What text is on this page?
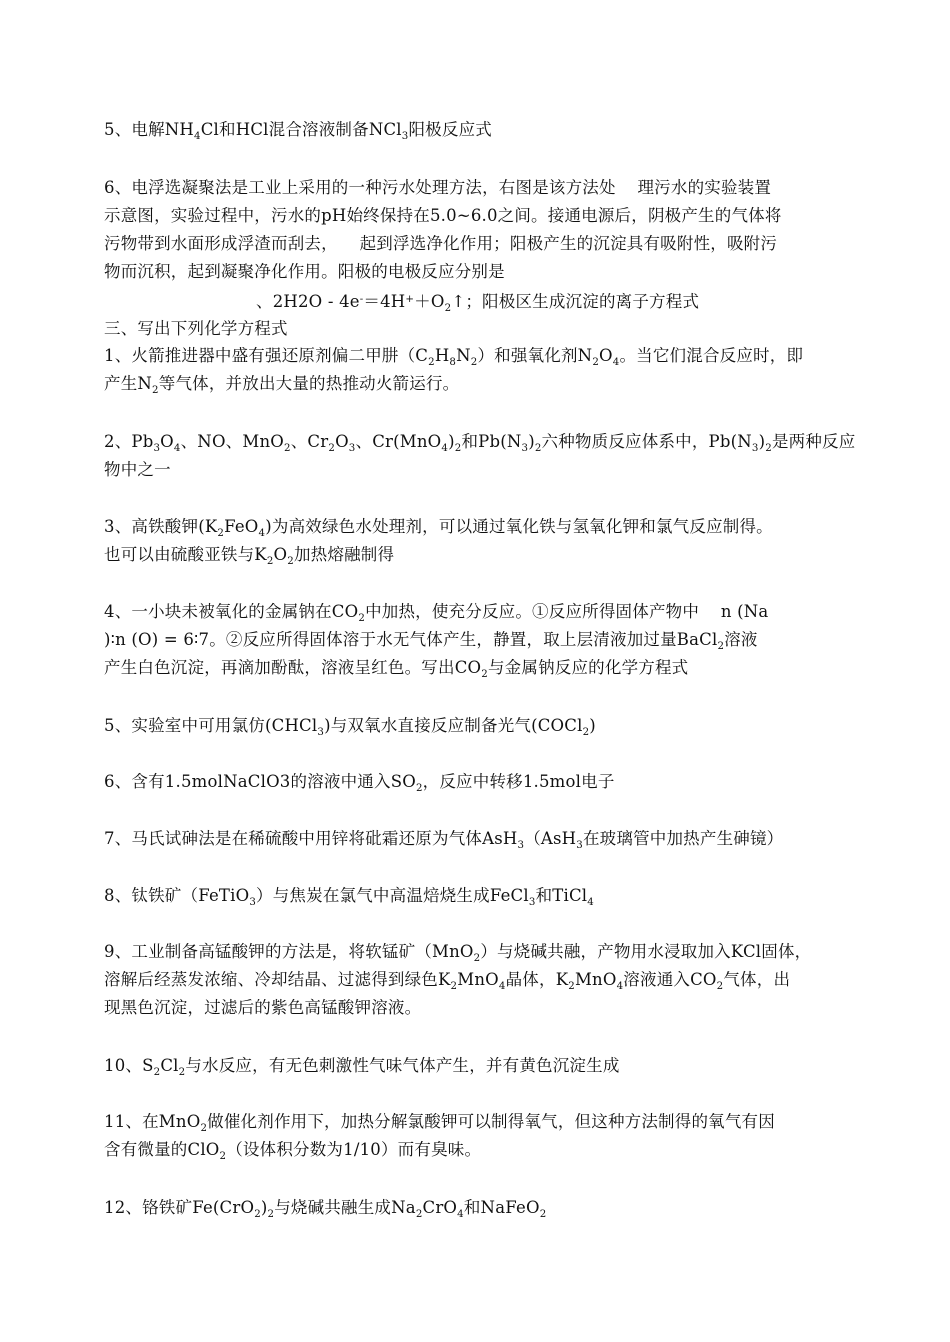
5、电解$NH_4Cl$和HCl混合溶液制备NCl$_3$阳极反应式
6、电浮选凝聚法是工业上采用的一种污水处理方法，右图是该方法处    理污水的实验装置
示意图，实验过程中，污水的pH始终保持在5.0~6.0之间。接通电源后，阴极产生的气体将
污物带到水面形成浮渣而刮去，    起到浮选净化作用；阳极产生的沉淀具有吸附性，吸附污
物而沉积，起到凝聚净化作用。阳极的电极反应分别是
、$2H2O - 4e^-=4H^++O_2↑$；阳极区生成沉淀的离子方程式
三、写出下列化学方程式
1、火箭推进器中盛有强还原剂偏二甲肼$(C_2H_8N_2)$和强氧化剂$N_2O_4$。当它们混合反应时，即
产生$N_2$等气体，并放出大量的热推动火箭运行。
2、$Pb_3O_4$、NO、MnO$_2$、$Cr_2O_3$、$Cr(MnO_4)_2$和$Pb(N_3)_2$六种物质反应体系中，$Pb(N_3)_2$是两种反应
物中之一
3、高铁酸钾$(K_2FeO_4)$为高效绿色水处理剂，可以通过氧化铁与氢氧化钾和氯气反应制得。
也可以由硫酸亚铁与$K_2O_2$加热熔融制得
4、一小块未被氧化的金属钠在$CO_2$中加热，使充分反应。①反应所得固体产物中    n (Na
)∶n (O) = 6∶7。②反应所得固体溶于水无气体产生，静置，取上层清液加过量BaCl$_2$溶液
产生白色沉淀，再滴加酚酞，溶液呈红色。写出$CO_2$与金属钠反应的化学方程式
5、实验室中可用氯仿(CHCl$_3$)与双氧水直接反应制备光气(COCl$_2$)
6、含有1.5molNaClO3的溶液中通入$SO_2$，反应中转移1.5mol电子
7、马氏试砷法是在稀硫酸中用锌将砒霜还原为气体AsH$_3$（AsH$_3$在玻璃管中加热产生砷镜）
8、钛铁矿（FeTiO$_3$）与焦炭在氯气中高温焙烧生成FeCl$_3$和TiCl$_4$
9、工业制备高锰酸钾的方法是，将软锰矿（MnO$_2$）与烧碱共融，产物用水浸取加入KCl固体，
溶解后经蒸发浓缩、冷却结晶、过滤得到绿色$K_2MnO_4$晶体，$K_2MnO_4$溶液通入$CO_2$气体，出
现黑色沉淀，过滤后的紫色高锰酸钾溶液。
10、$S_2Cl_2$与水反应，有无色刺激性气味气体产生，并有黄色沉淀生成
11、在MnO$_2$做催化剂作用下，加热分解氯酸钾可以制得氧气，但这种方法制得的氧气有因
含有微量的ClO$_2$（设体积分数为1/10）而有臭味。
12、铬铁矿$Fe(CrO_2)_2$与烧碱共融生成$Na_2CrO_4$和NaFeO$_2$
